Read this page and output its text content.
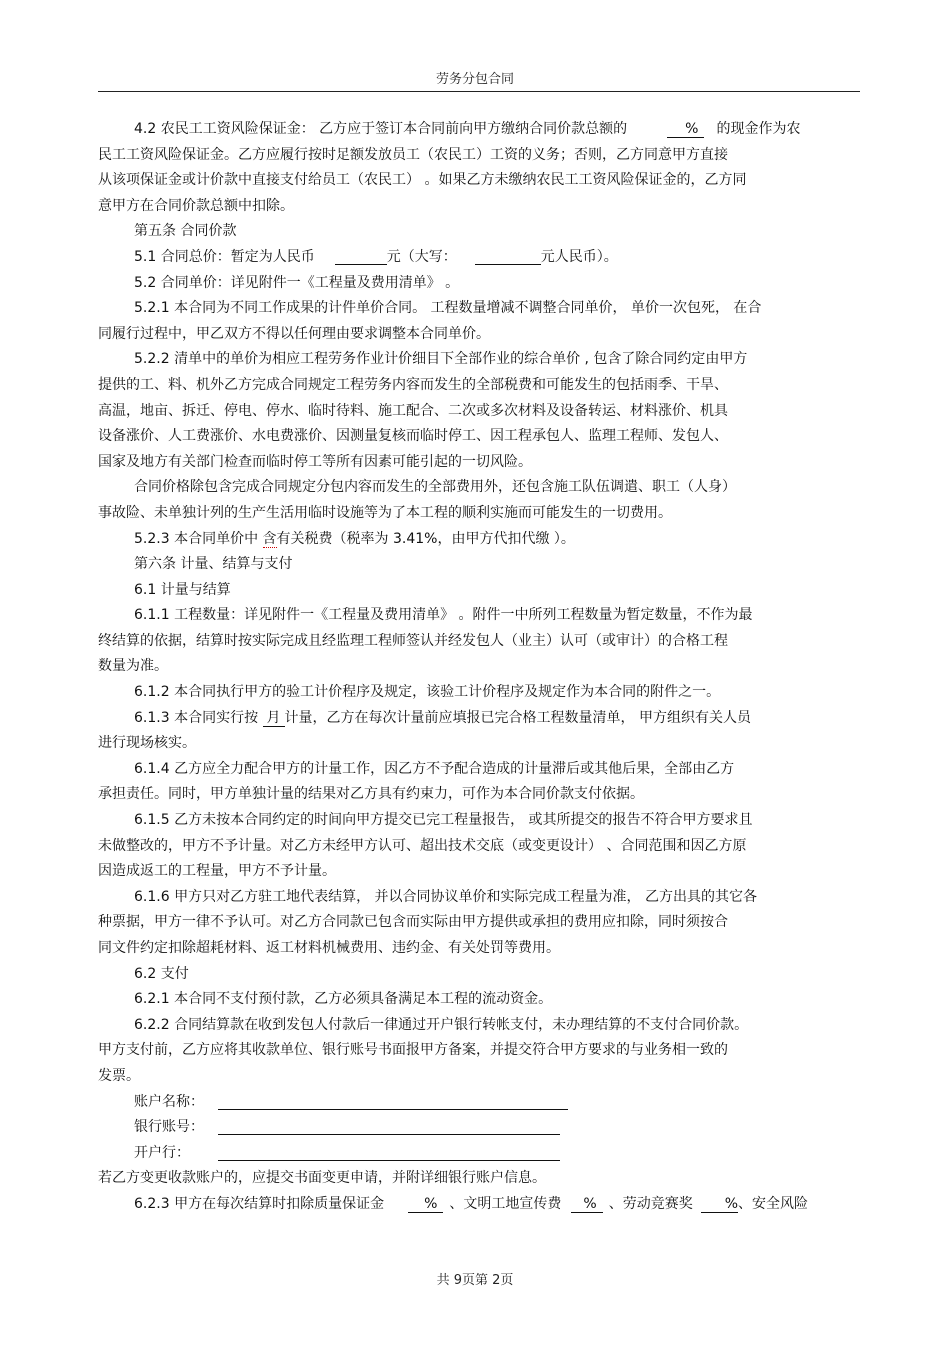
劳务分包合同
4.2 农民工工资风险保证金： 乙方应于签订本合同前向甲方缴纳合同价款总额的	% 的现金作为农
民工工资风险保证金。乙方应履行按时足额发放员工（农民工）工资的义务；否则，乙方同意甲方直接
从该项保证金或计价款中直接支付给员工（农民工） 。如果乙方未缴纳农民工工资风险保证金的，乙方同
意甲方在合同价款总额中扣除。
第五条 合同价款
5.1 合同总价：暂定为人民币	元（大写：	元人民币）。
5.2 合同单价：详见附件一《工程量及费用清单》 。
5.2.1 本合同为不同工作成果的计件单价合同。 工程数量增减不调整合同单价， 单价一次包死， 在合
同履行过程中，甲乙双方不得以任何理由要求调整本合同单价。
5.2.2 清单中的单价为相应工程劳务作业计价细目下全部作业的综合单价 , 包含了除合同约定由甲方
提供的工、料、机外乙方完成合同规定工程劳务内容而发生的全部税费和可能发生的包括雨季、干旱、
高温，地亩、拆迁、停电、停水、临时待料、施工配合、二次或多次材料及设备转运、材料涨价、机具
设备涨价、人工费涨价、水电费涨价、因测量复核而临时停工、因工程承包人、监理工程师、发包人、
国家及地方有关部门检查而临时停工等所有因素可能引起的一切风险。
合同价格除包含完成合同规定分包内容而发生的全部费用外，还包含施工队伍调遣、职工（人身）
事故险、未单独计列的生产生活用临时设施等为了本工程的顺利实施而可能发生的一切费用。
5.2.3 本合同单价中 含有关税费（税率为 3.41%，由甲方代扣代缴 ）。
第六条 计量、结算与支付
6.1 计量与结算
6.1.1 工程数量：详见附件一《工程量及费用清单》 。附件一中所列工程数量为暂定数量，不作为最
终结算的依据，结算时按实际完成且经监理工程师签认并经发包人（业主）认可（或审计）的合格工程
数量为准。
6.1.2 本合同执行甲方的验工计价程序及规定，该验工计价程序及规定作为本合同的附件之一。
6.1.3 本合同实行按 月 计量，乙方在每次计量前应填报已完合格工程数量清单， 甲方组织有关人员
进行现场核实。
6.1.4 乙方应全力配合甲方的计量工作，因乙方不予配合造成的计量滞后或其他后果，全部由乙方
承担责任。同时，甲方单独计量的结果对乙方具有约束力，可作为本合同价款支付依据。
6.1.5 乙方未按本合同约定的时间向甲方提交已完工程量报告， 或其所提交的报告不符合甲方要求且
未做整改的，甲方不予计量。对乙方未经甲方认可、超出技术交底（或变更设计） 、合同范围和因乙方原
因造成返工的工程量，甲方不予计量。
6.1.6 甲方只对乙方驻工地代表结算， 并以合同协议单价和实际完成工程量为准， 乙方出具的其它各
种票据，甲方一律不予认可。对乙方合同款已包含而实际由甲方提供或承担的费用应扣除，同时须按合
同文件约定扣除超耗材料、返工材料机械费用、违约金、有关处罚等费用。
6.2 支付
6.2.1 本合同不支付预付款，乙方必须具备满足本工程的流动资金。
6.2.2 合同结算款在收到发包人付款后一律通过开户银行转帐支付，未办理结算的不支付合同价款。
甲方支付前，乙方应将其收款单位、银行账号书面报甲方备案，并提交符合甲方要求的与业务相一致的
发票。
账户名称：
银行账号：
开户行：
若乙方变更收款账户的，应提交书面变更申请，并附详细银行账户信息。
6.2.3 甲方在每次结算时扣除质量保证金	% 、文明工地宣传费 % 、劳动竞赛奖 %、安全风险
共 9页第 2页
